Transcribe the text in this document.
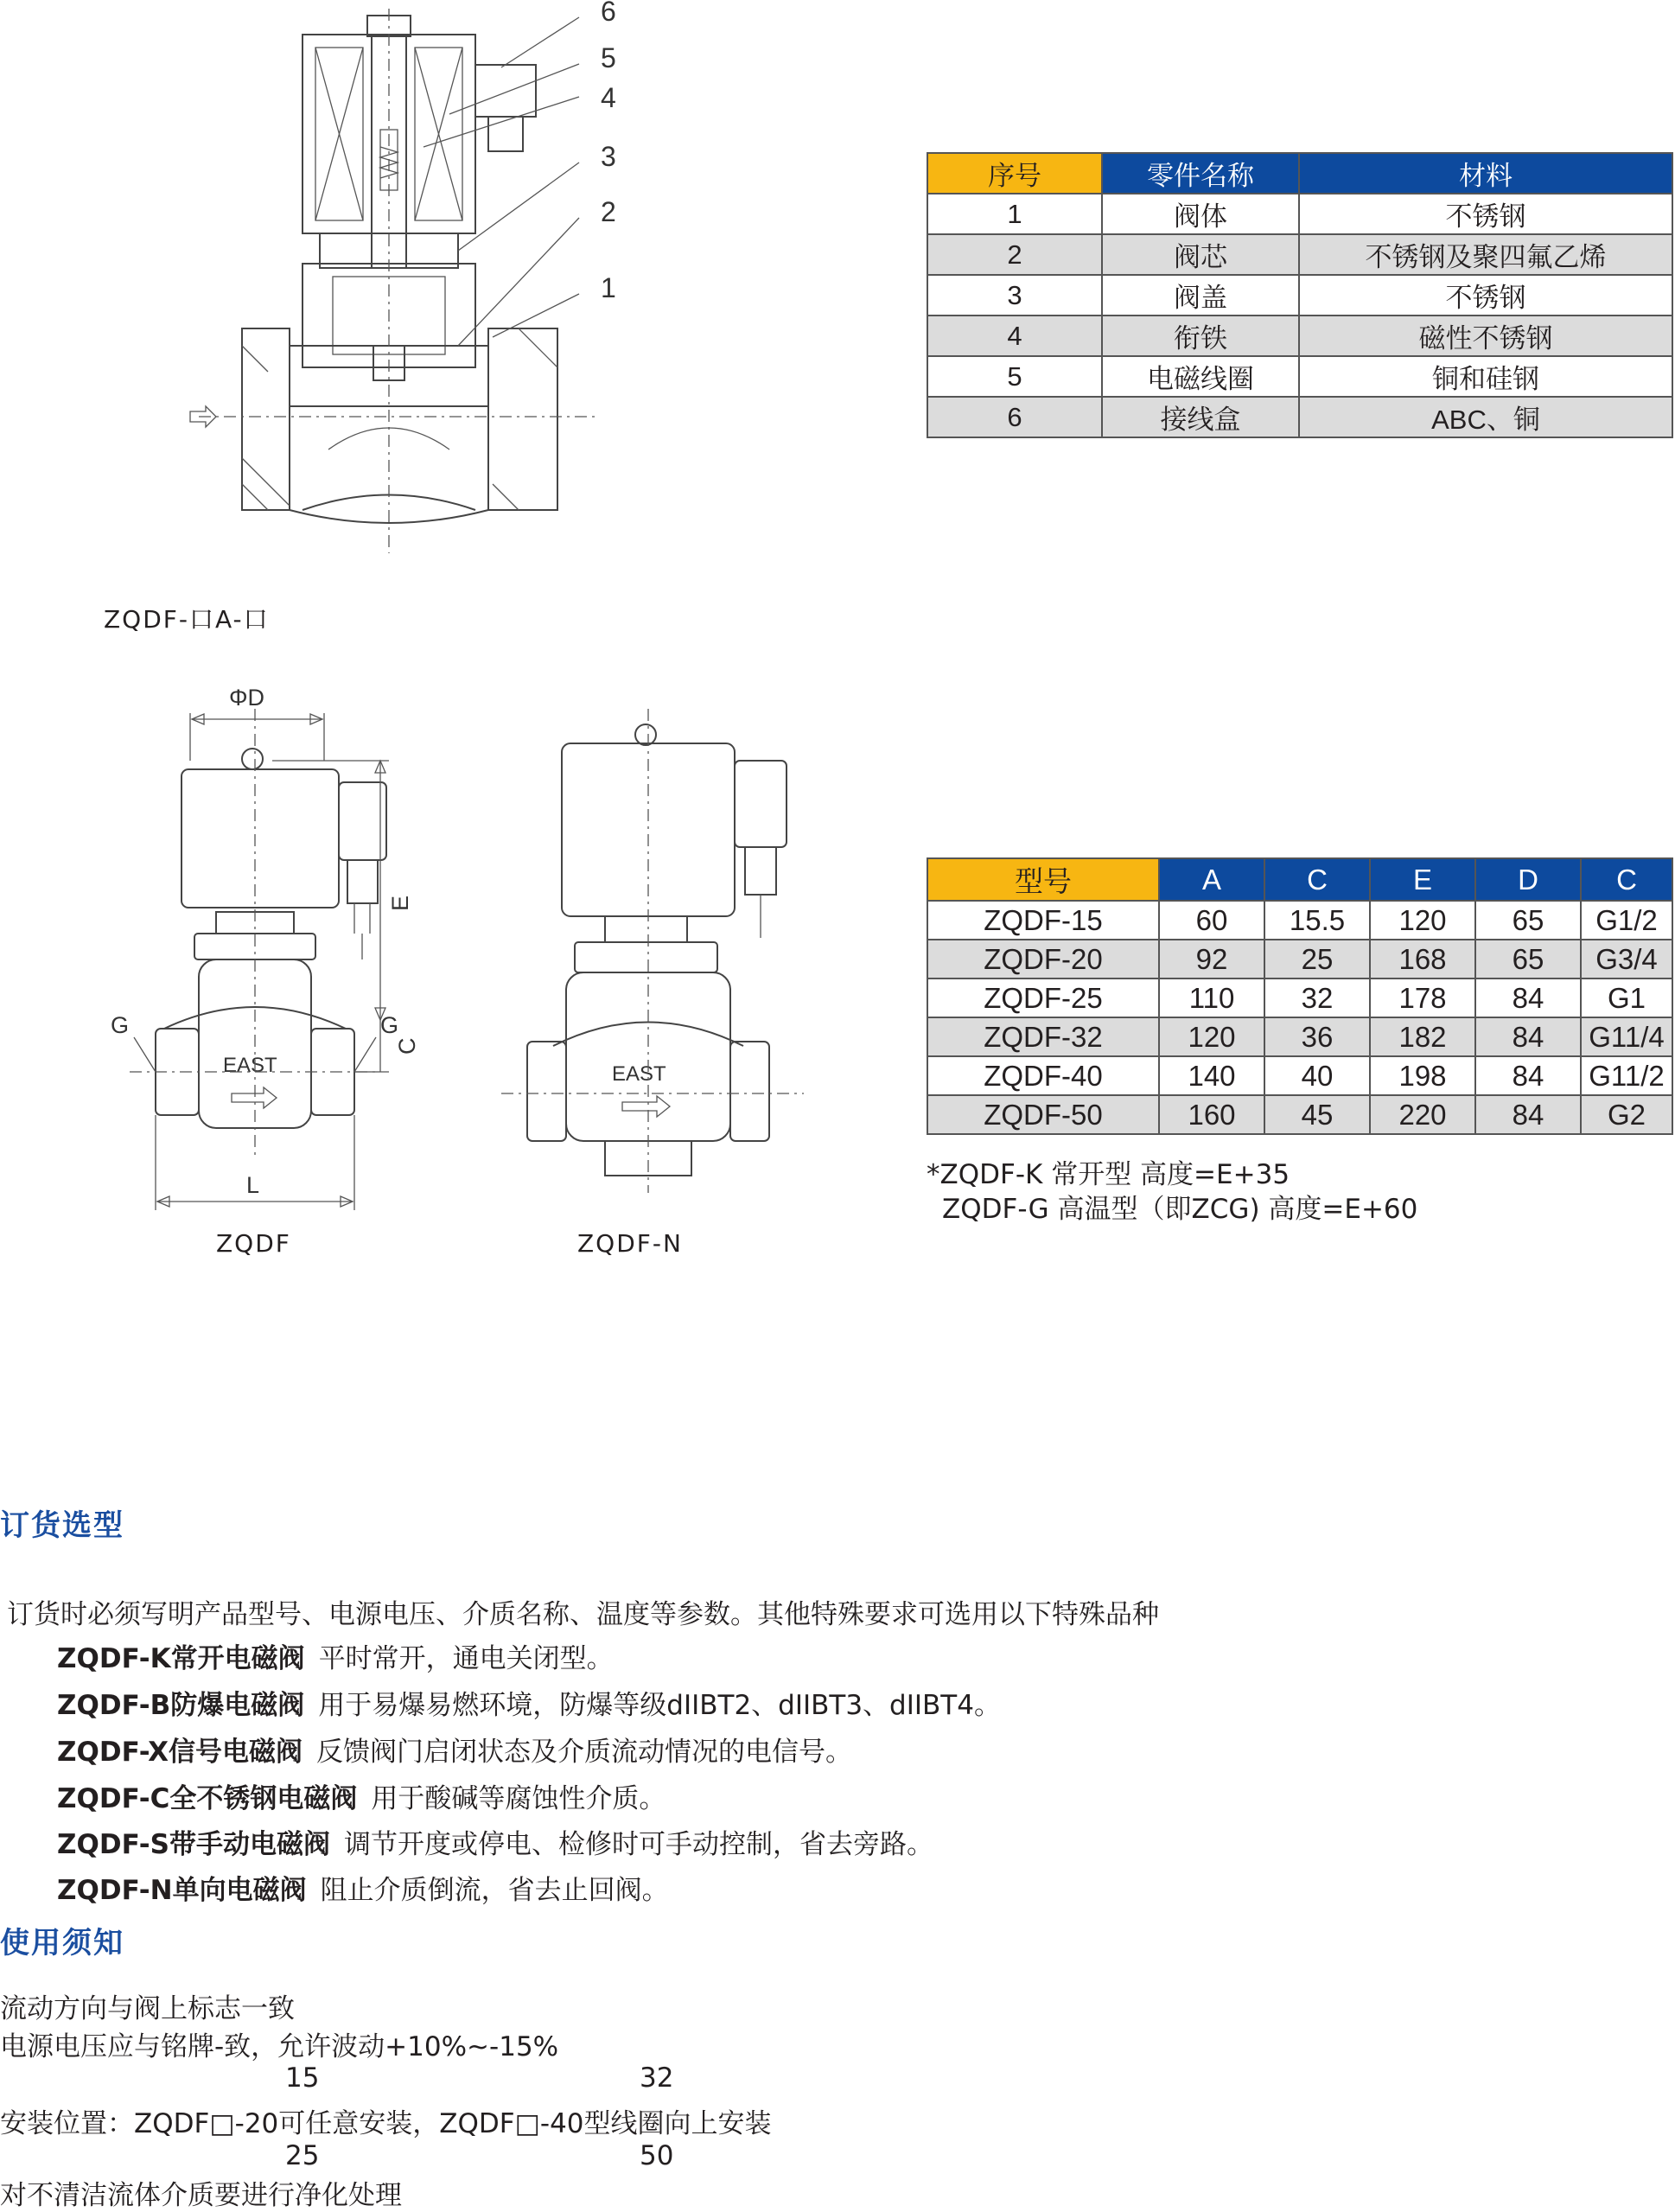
6
5
4
3
2
1
ZQDF-口A-口
序号	零件名称	材料
1	阀体	不锈钢
2	阀芯	不锈钢及聚四氟乙烯
3	阀盖	不锈钢
4	衔铁	磁性不锈钢
5	电磁线圈	铜和硅钢
6	接线盒	ABC、铜
ΦD
EAST
E
C
G	G
L
EAST
ZQDF	ZQDF-N
型号	A	C	E	D	C
ZQDF-15	60	15.5	120	65	G1/2
ZQDF-20	92	25	168	65	G3/4
ZQDF-25	110	32	178	84	G1
ZQDF-32	120	36	182	84	G11/4
ZQDF-40	140	40	198	84	G11/2
ZQDF-50	160	45	220	84	G2
*ZQDF-K 常开型 高度=E+35
ZQDF-G 高温型（即ZCG) 高度=E+60
订货选型
订货时必须写明产品型号、电源电压、介质名称、温度等参数。其他特殊要求可选用以下特殊品种
ZQDF-K常开电磁阀 平时常开，通电关闭型。
ZQDF-B防爆电磁阀 用于易爆易燃环境，防爆等级dIIBT2、dIIBT3、dIIBT4。
ZQDF-X信号电磁阀 反馈阀门启闭状态及介质流动情况的电信号。
ZQDF-C全不锈钢电磁阀 用于酸碱等腐蚀性介质。
ZQDF-S带手动电磁阀 调节开度或停电、检修时可手动控制，省去旁路。
ZQDF-N单向电磁阀 阻止介质倒流，省去止回阀。
使用须知
流动方向与阀上标志一致
电源电压应与铭牌-致，允许波动+10%~-15%
15	32
安装位置：ZQDF□-20可任意安装，ZQDF□-40型线圈向上安装
25	50
对不清洁流体介质要进行净化处理
